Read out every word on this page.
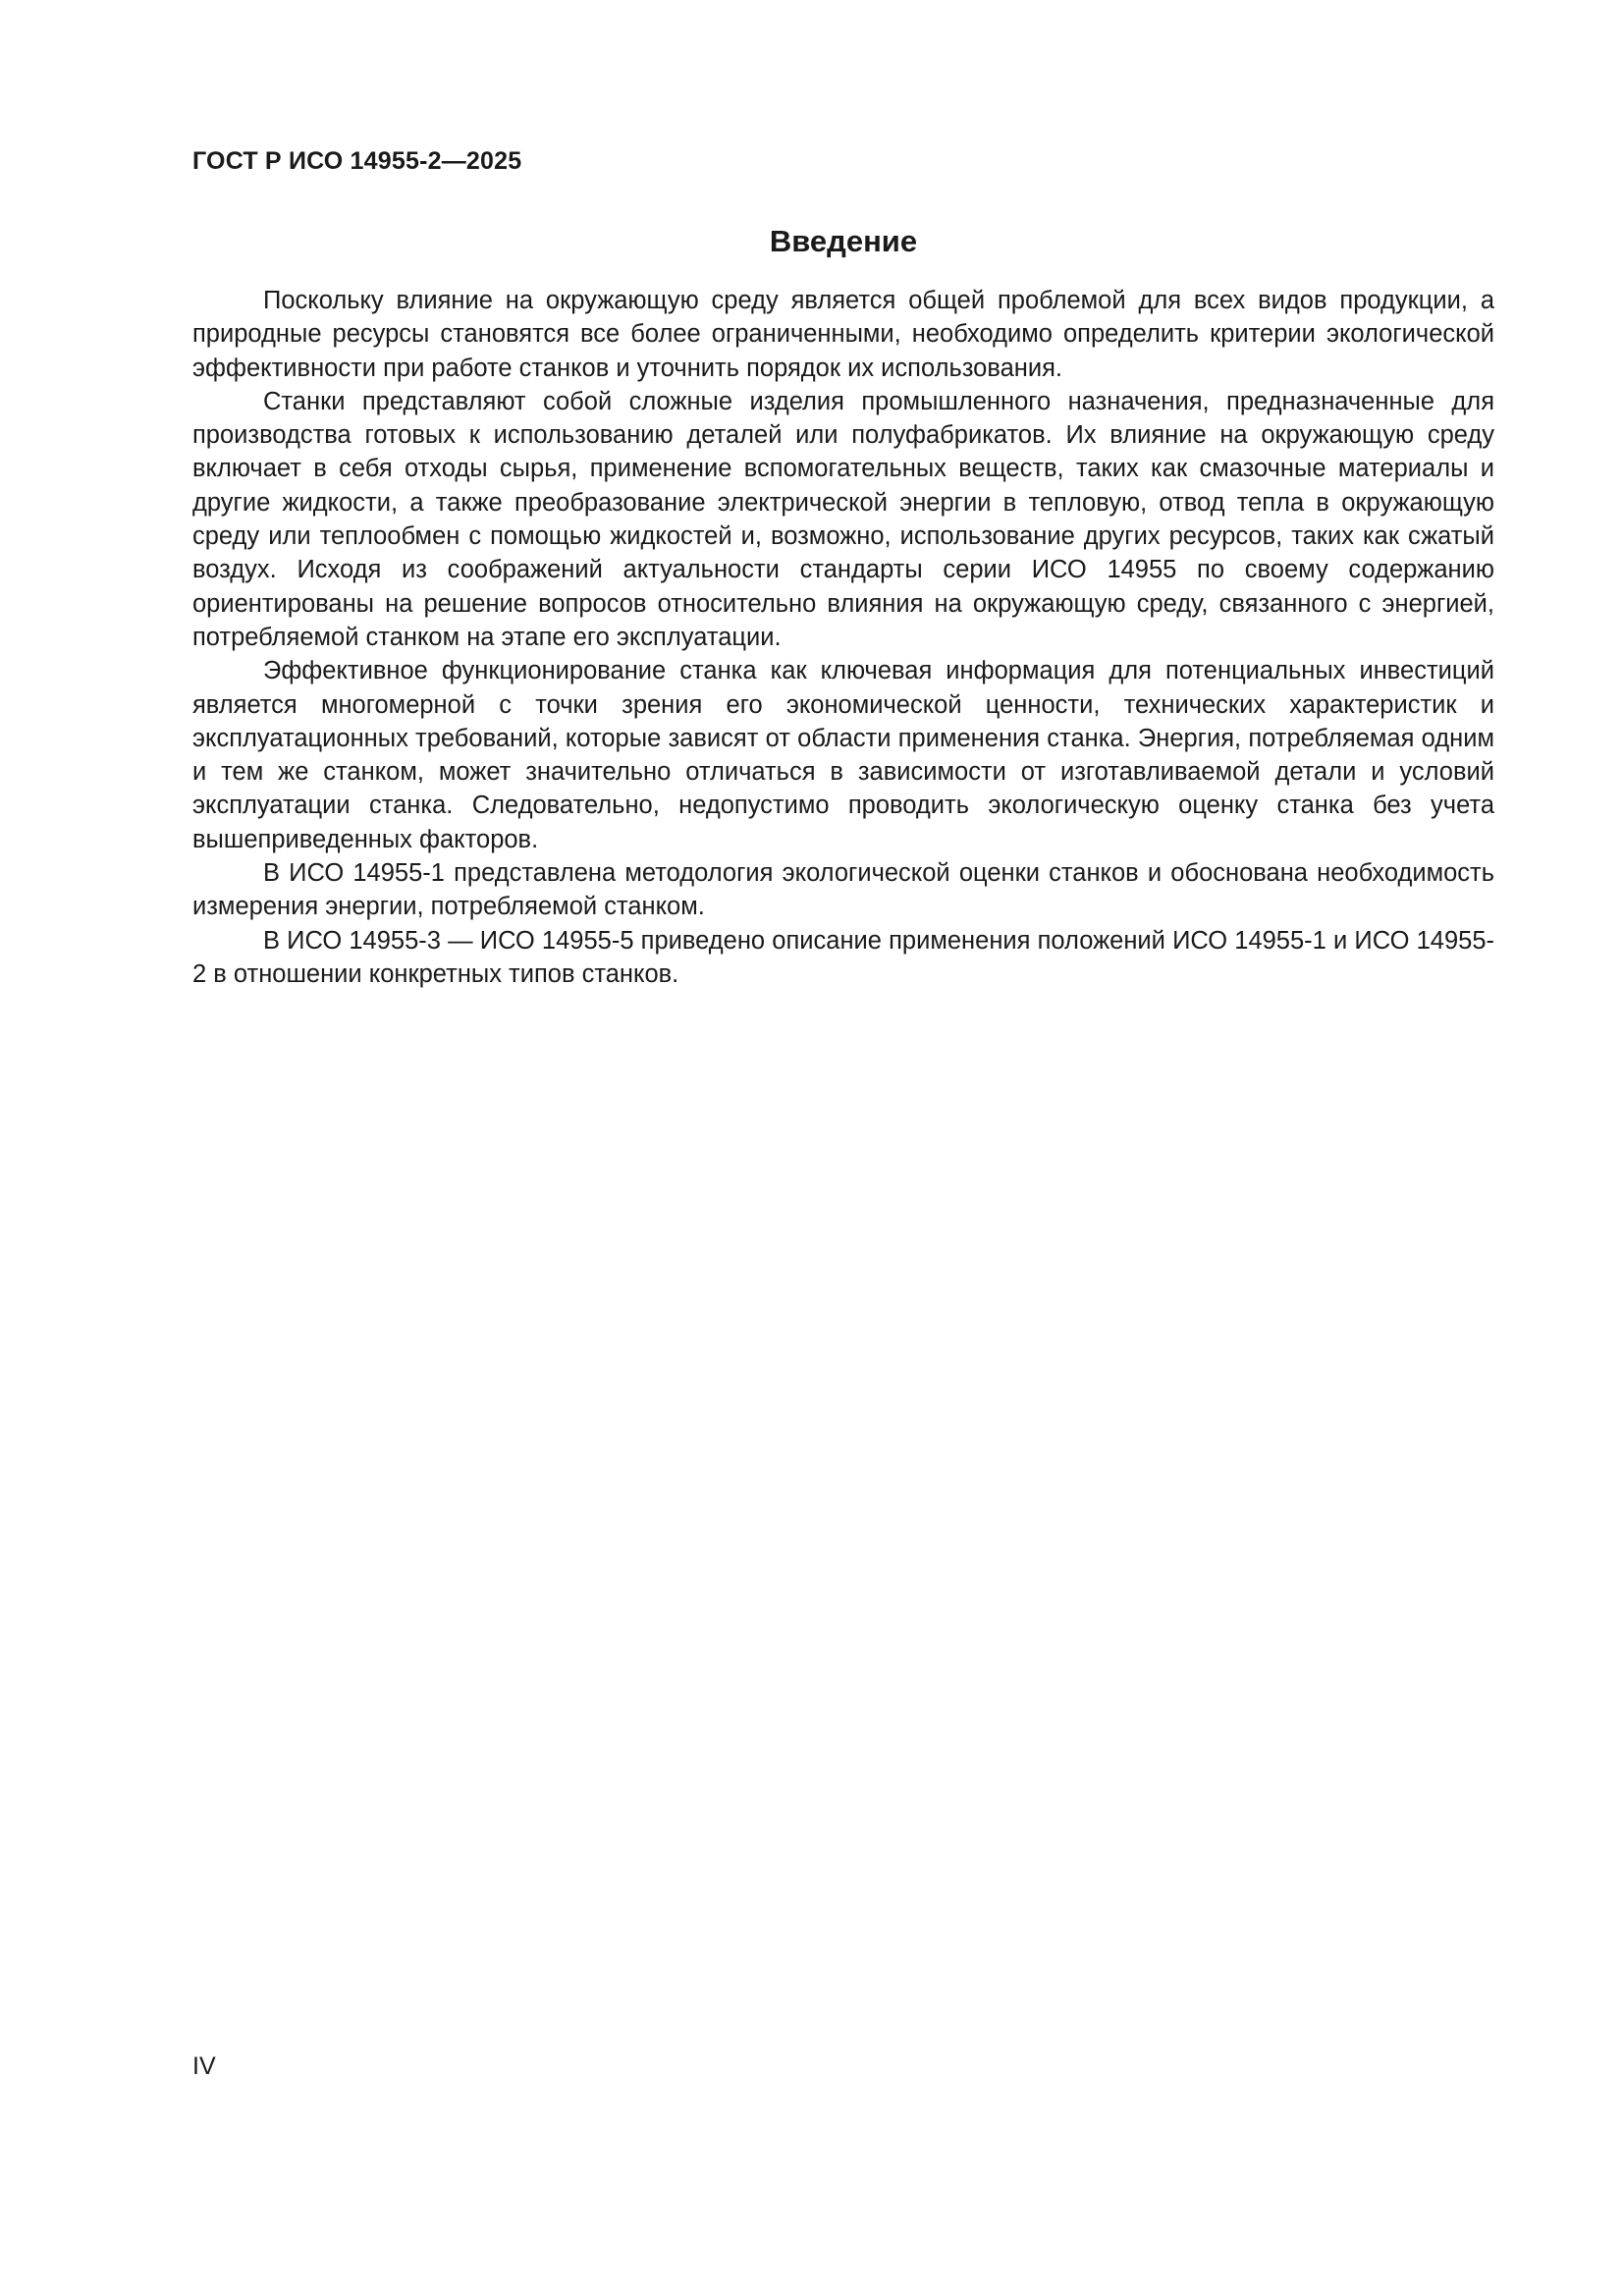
ГОСТ Р ИСО 14955-2—2025
Введение

Поскольку влияние на окружающую среду является общей проблемой для всех видов продукции, а природные ресурсы становятся все более ограниченными, необходимо определить критерии экологической эффективности при работе станков и уточнить порядок их использования.

Станки представляют собой сложные изделия промышленного назначения, предназначенные для производства готовых к использованию деталей или полуфабрикатов. Их влияние на окружающую среду включает в себя отходы сырья, применение вспомогательных веществ, таких как смазочные материалы и другие жидкости, а также преобразование электрической энергии в тепловую, отвод тепла в окружающую среду или теплообмен с помощью жидкостей и, возможно, использование других ресурсов, таких как сжатый воздух. Исходя из соображений актуальности стандарты серии ИСО 14955 по своему содержанию ориентированы на решение вопросов относительно влияния на окружающую среду, связанного с энергией, потребляемой станком на этапе его эксплуатации.

Эффективное функционирование станка как ключевая информация для потенциальных инвестиций является многомерной с точки зрения его экономической ценности, технических характеристик и эксплуатационных требований, которые зависят от области применения станка. Энергия, потребляемая одним и тем же станком, может значительно отличаться в зависимости от изготавливаемой детали и условий эксплуатации станка. Следовательно, недопустимо проводить экологическую оценку станка без учета вышеприведенных факторов.

В ИСО 14955-1 представлена методология экологической оценки станков и обоснована необходимость измерения энергии, потребляемой станком.

В ИСО 14955-3 — ИСО 14955-5 приведено описание применения положений ИСО 14955-1 и ИСО 14955-2 в отношении конкретных типов станков.

IV
